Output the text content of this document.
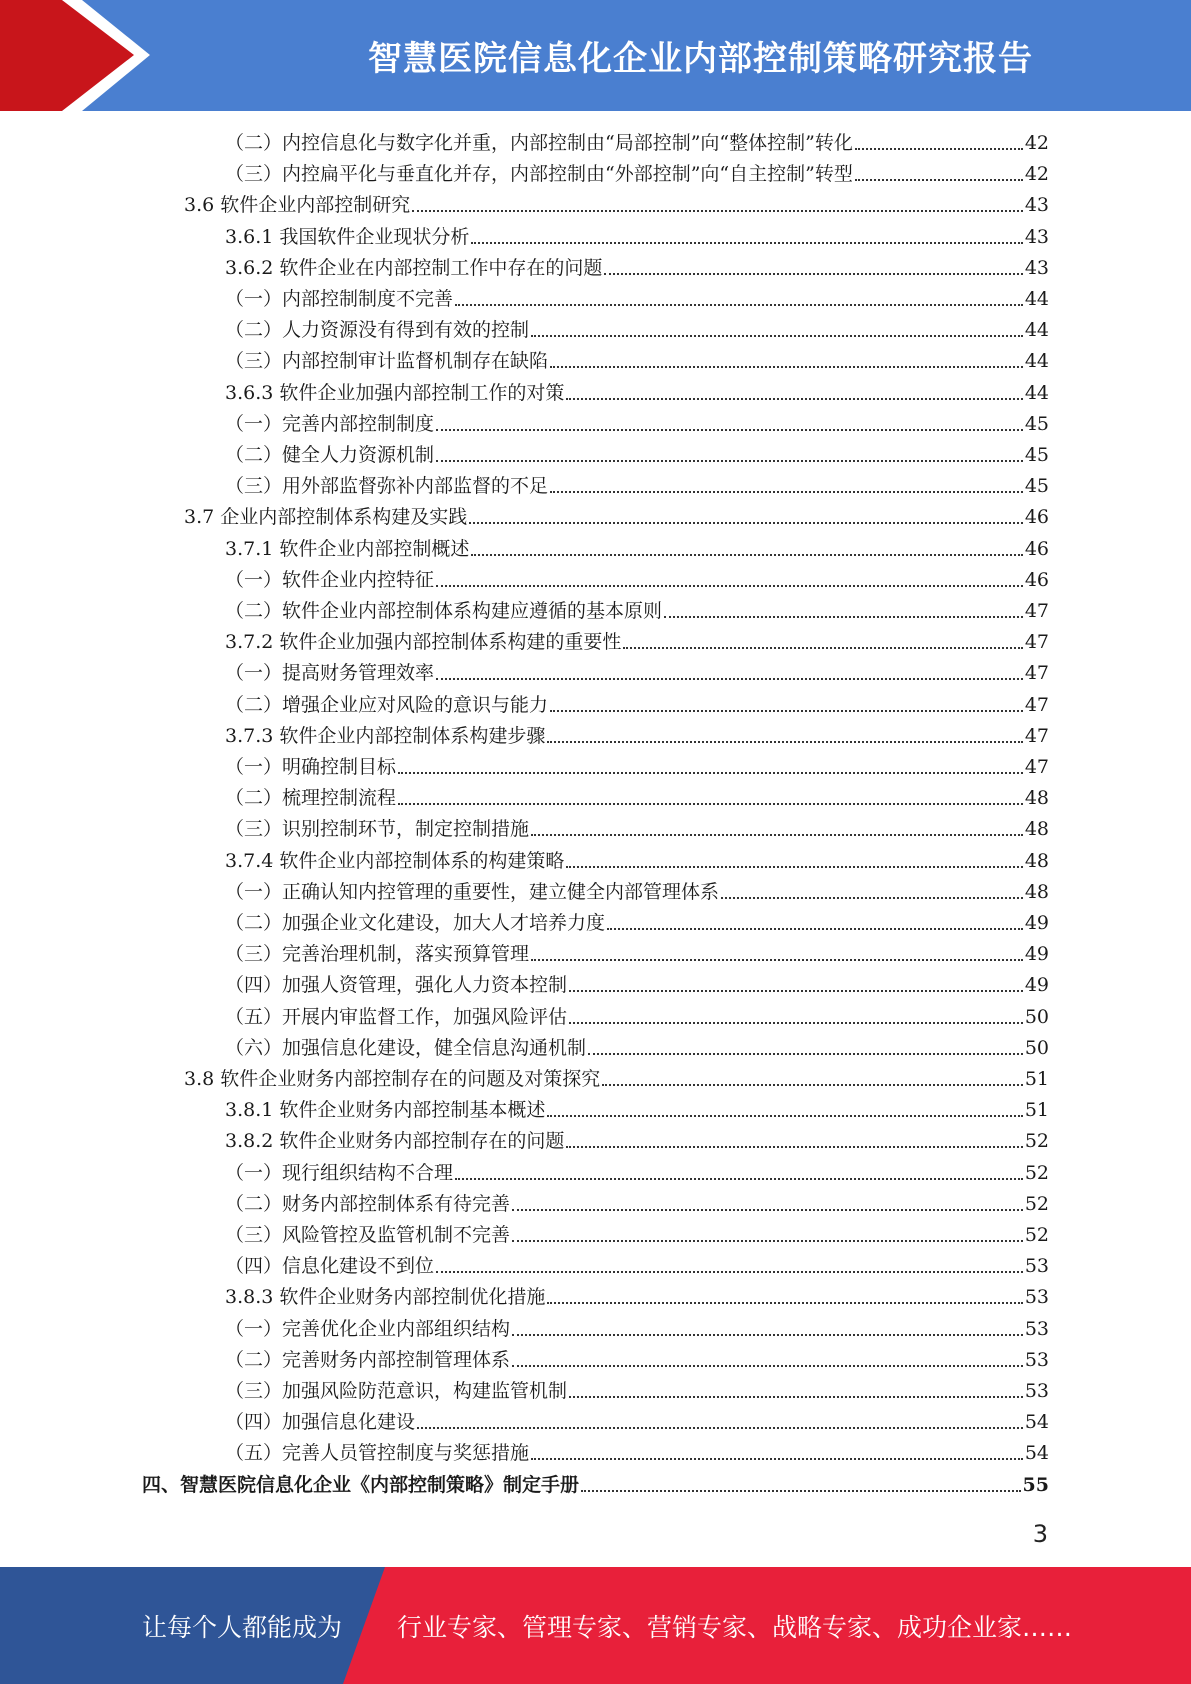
智慧医院信息化企业内部控制策略研究报告
（二）内控信息化与数字化并重，内部控制由“局部控制”向“整体控制”转化	42
（三）内控扁平化与垂直化并存，内部控制由“外部控制”向“自主控制”转型	42
3.6 软件企业内部控制研究	43
3.6.1 我国软件企业现状分析	43
3.6.2 软件企业在内部控制工作中存在的问题	43
（一）内部控制制度不完善	44
（二）人力资源没有得到有效的控制	44
（三）内部控制审计监督机制存在缺陷	44
3.6.3 软件企业加强内部控制工作的对策	44
（一）完善内部控制制度	45
（二）健全人力资源机制	45
（三）用外部监督弥补内部监督的不足	45
3.7 企业内部控制体系构建及实践	46
3.7.1 软件企业内部控制概述	46
（一）软件企业内控特征	46
（二）软件企业内部控制体系构建应遵循的基本原则	47
3.7.2 软件企业加强内部控制体系构建的重要性	47
（一）提高财务管理效率	47
（二）增强企业应对风险的意识与能力	47
3.7.3 软件企业内部控制体系构建步骤	47
（一）明确控制目标	47
（二）梳理控制流程	48
（三）识别控制环节，制定控制措施	48
3.7.4 软件企业内部控制体系的构建策略	48
（一）正确认知内控管理的重要性，建立健全内部管理体系	48
（二）加强企业文化建设，加大人才培养力度	49
（三）完善治理机制，落实预算管理	49
（四）加强人资管理，强化人力资本控制	49
（五）开展内审监督工作，加强风险评估	50
（六）加强信息化建设，健全信息沟通机制	50
3.8 软件企业财务内部控制存在的问题及对策探究	51
3.8.1 软件企业财务内部控制基本概述	51
3.8.2 软件企业财务内部控制存在的问题	52
（一）现行组织结构不合理	52
（二）财务内部控制体系有待完善	52
（三）风险管控及监管机制不完善	52
（四）信息化建设不到位	53
3.8.3 软件企业财务内部控制优化措施	53
（一）完善优化企业内部组织结构	53
（二）完善财务内部控制管理体系	53
（三）加强风险防范意识，构建监管机制	53
（四）加强信息化建设	54
（五）完善人员管控制度与奖惩措施	54
四、智慧医院信息化企业《内部控制策略》制定手册	55
3
让每个人都能成为 行业专家、管理专家、营销专家、战略专家、成功企业家……
